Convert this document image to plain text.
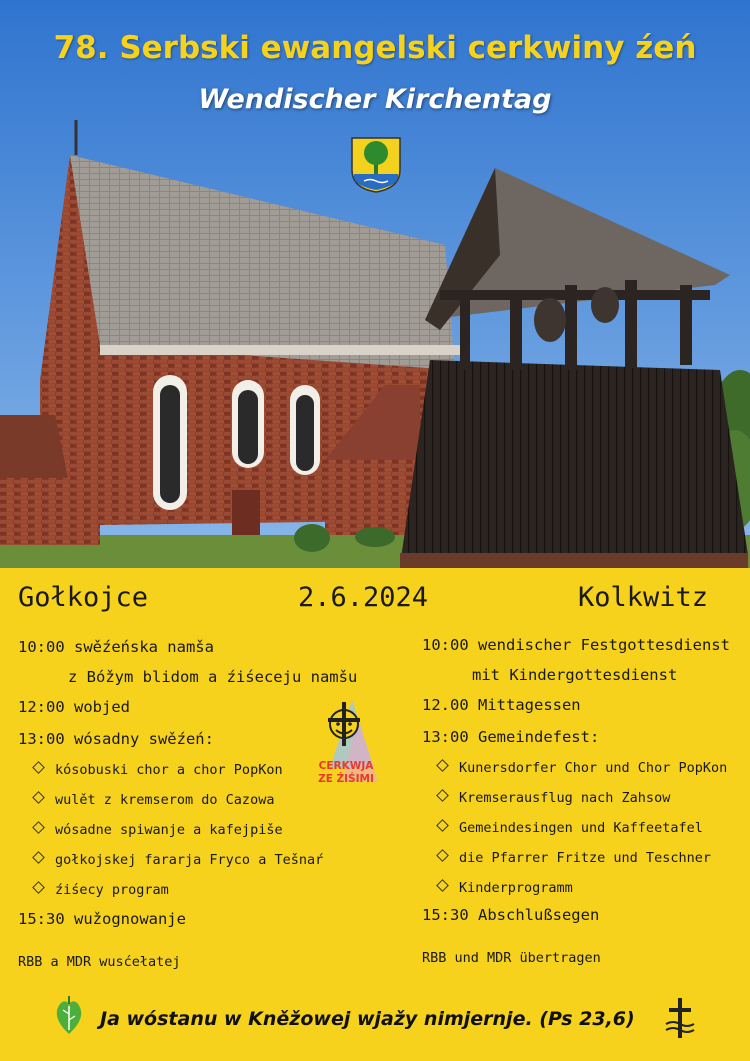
78. Serbski ewangelski cerkwiny źeń
Wendischer Kirchentag
Gołkojce	2.6.2024	Kolkwitz
10:00 swěźeńska namša
z Bóžym blidom a źiśeceju namšu
12:00 wobjed
13:00 wósadny swěźeń:
kósobuski chor a chor PopKon
wulět z kremserom do Cazowa
wósadne spiwanje a kafejpiše
gołkojskej fararja Fryco a Tešnaŕ
źiśecy program
15:30 wužognowanje
RBB a MDR wusćełatej
CERKWJA
ZE ŹIŚIMI
10:00 wendischer Festgottesdienst
mit Kindergottesdienst
12.00 Mittagessen
13:00 Gemeindefest:
Kunersdorfer Chor und Chor PopKon
Kremserausflug nach Zahsow
Gemeindesingen und Kaffeetafel
die Pfarrer Fritze und Teschner
Kinderprogramm
15:30 Abschlußsegen
RBB und MDR übertragen
Ja wóstanu w Kněžowej wjažy nimjernje. (Ps 23,6)
